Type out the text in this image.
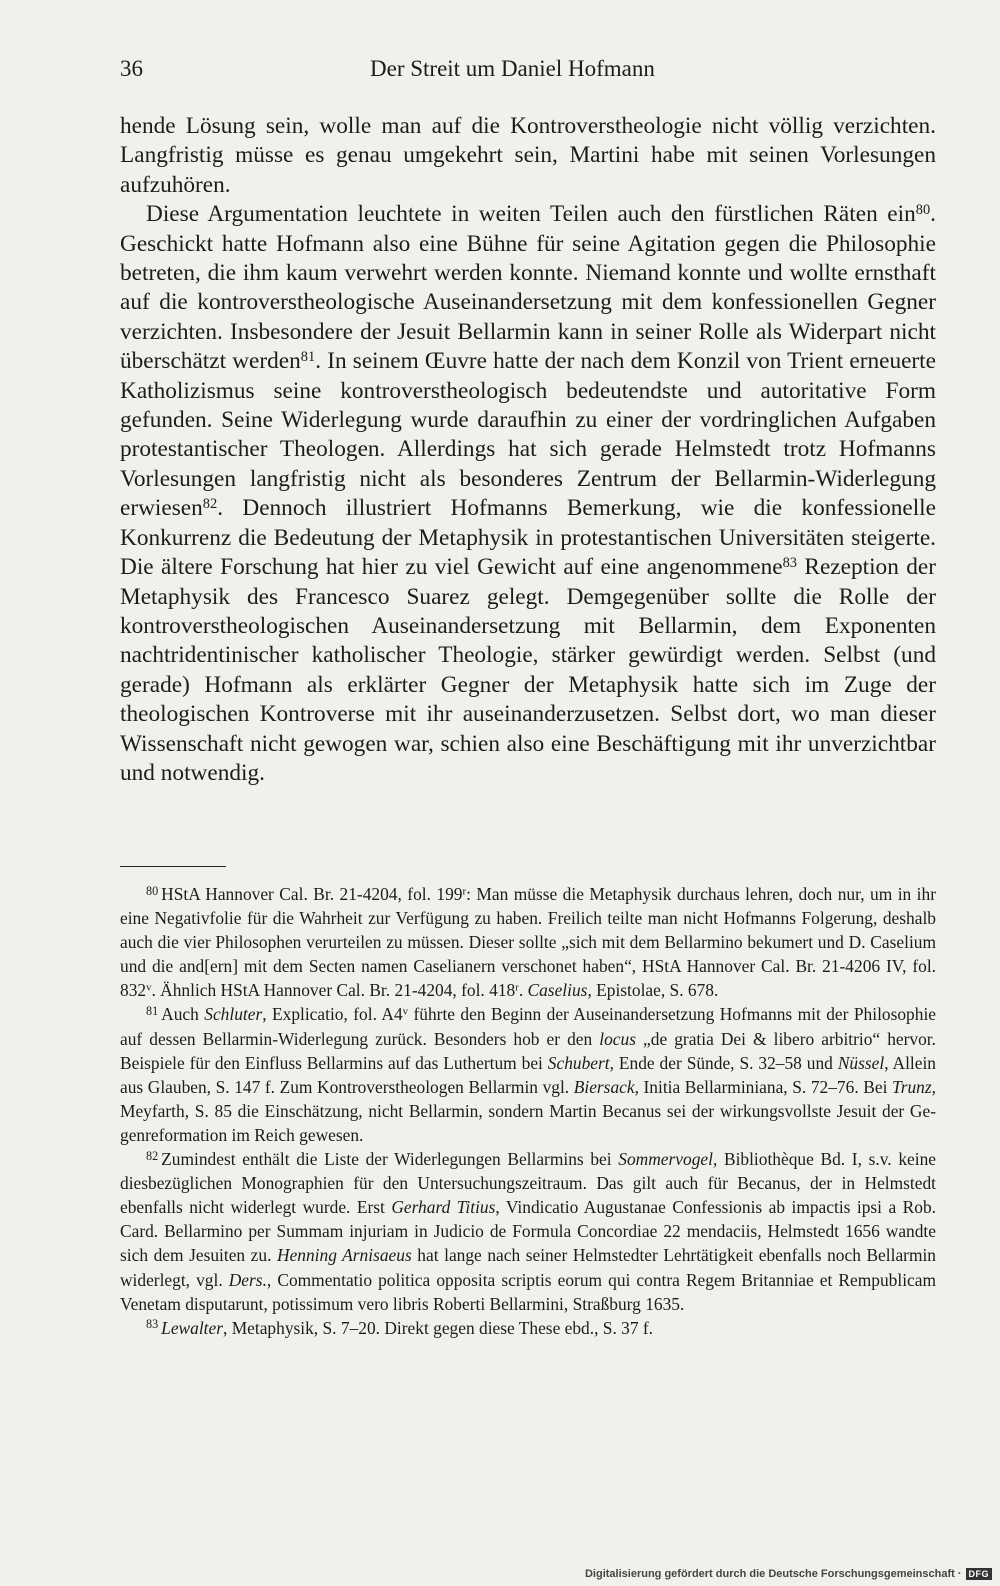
36	Der Streit um Daniel Hofmann

hende Lösung sein, wolle man auf die Kontroverstheologie nicht völlig verzichten. Langfristig müsse es genau umgekehrt sein, Martini habe mit seinen Vorlesungen aufzuhören.

Diese Argumentation leuchtete in weiten Teilen auch den fürstlichen Räten ein$^{80}$. Geschickt hatte Hofmann also eine Bühne für seine Agitation gegen die Philosophie betreten, die ihm kaum verwehrt werden konnte. Niemand konnte und wollte ernsthaft auf die kontroverstheologische Auseinandersetzung mit dem konfessionellen Gegner verzichten. Insbesondere der Jesuit Bellarmin kann in seiner Rolle als Widerpart nicht überschätzt werden$^{81}$. In seinem Œuvre hatte der nach dem Konzil von Trient erneuerte Katholizismus seine kontroverstheologisch bedeutendste und autoritative Form gefunden. Seine Widerlegung wurde daraufhin zu einer der vordringlichen Aufgaben protestantischer Theologen. Allerdings hat sich gerade Helmstedt trotz Hofmanns Vorlesungen langfristig nicht als besonderes Zentrum der Bellarmin-Widerlegung erwiesen$^{82}$. Dennoch illustriert Hofmanns Bemerkung, wie die konfessionelle Konkurrenz die Bedeutung der Metaphysik in protestantischen Universitäten steigerte. Die ältere Forschung hat hier zu viel Gewicht auf eine angenommene$^{83}$ Rezeption der Metaphysik des Francesco Suarez gelegt. Demgegenüber sollte die Rolle der kontroverstheologischen Auseinandersetzung mit Bellarmin, dem Exponenten nachtridentinischer katholischer Theologie, stärker gewürdigt werden. Selbst (und gerade) Hofmann als erklärter Gegner der Metaphysik hatte sich im Zuge der theologischen Kontroverse mit ihr auseinanderzusetzen. Selbst dort, wo man dieser Wissenschaft nicht gewogen war, schien also eine Beschäftigung mit ihr unverzichtbar und notwendig.

$^{80}$ HStA Hannover Cal. Br. 21-4204, fol. 199$^r$: Man müsse die Metaphysik durchaus lehren, doch nur, um in ihr eine Negativfolie für die Wahrheit zur Verfügung zu haben. Freilich teilte man nicht Hofmanns Folgerung, deshalb auch die vier Philosophen verurteilen zu müssen. Dieser sollte „sich mit dem Bellarmino bekumert und D. Caselium und die and[ern] mit dem Secten namen Caselianern verschonet haben“, HStA Hannover Cal. Br. 21-4206 IV, fol. 832$^v$. Ähnlich HStA Hannover Cal. Br. 21-4204, fol. 418$^r$. Caselius, Epistolae, S. 678.

$^{81}$ Auch Schluter, Explicatio, fol. A4$^v$ führte den Beginn der Auseinandersetzung Hofmanns mit der Philosophie auf dessen Bellarmin-Widerlegung zurück. Besonders hob er den locus „de gratia Dei & libero arbitrio“ hervor. Beispiele für den Einfluss Bellarmins auf das Luthertum bei Schubert, Ende der Sünde, S. 32–58 und Nüssel, Allein aus Glauben, S. 147 f. Zum Kontroverstheologen Bellarmin vgl. Biersack, Initia Bellarminiana, S. 72–76. Bei Trunz, Meyfarth, S. 85 die Einschätzung, nicht Bellarmin, sondern Martin Becanus sei der wirkungsvollste Jesuit der Gegenreformation im Reich gewesen.

$^{82}$ Zumindest enthält die Liste der Widerlegungen Bellarmins bei Sommervogel, Bibliothèque Bd. I, s.v. keine diesbezüglichen Monographien für den Untersuchungszeitraum. Das gilt auch für Becanus, der in Helmstedt ebenfalls nicht widerlegt wurde. Erst Gerhard Titius, Vindicatio Augustanae Confessionis ab impactis ipsi a Rob. Card. Bellarmino per Summam injuriam in Judicio de Formula Concordiae 22 mendaciis, Helmstedt 1656 wandte sich dem Jesuiten zu. Henning Arnisaeus hat lange nach seiner Helmstedter Lehrtätigkeit ebenfalls noch Bellarmin widerlegt, vgl. Ders., Commentatio politica opposita scriptis eorum qui contra Regem Britanniae et Rempublicam Venetam disputarunt, potissimum vero libris Roberti Bellarmini, Straßburg 1635.

$^{83}$ Lewalter, Metaphysik, S. 7–20. Direkt gegen diese These ebd., S. 37 f.

Digitalisierung gefördert durch die Deutsche Forschungsgemeinschaft · DFG
